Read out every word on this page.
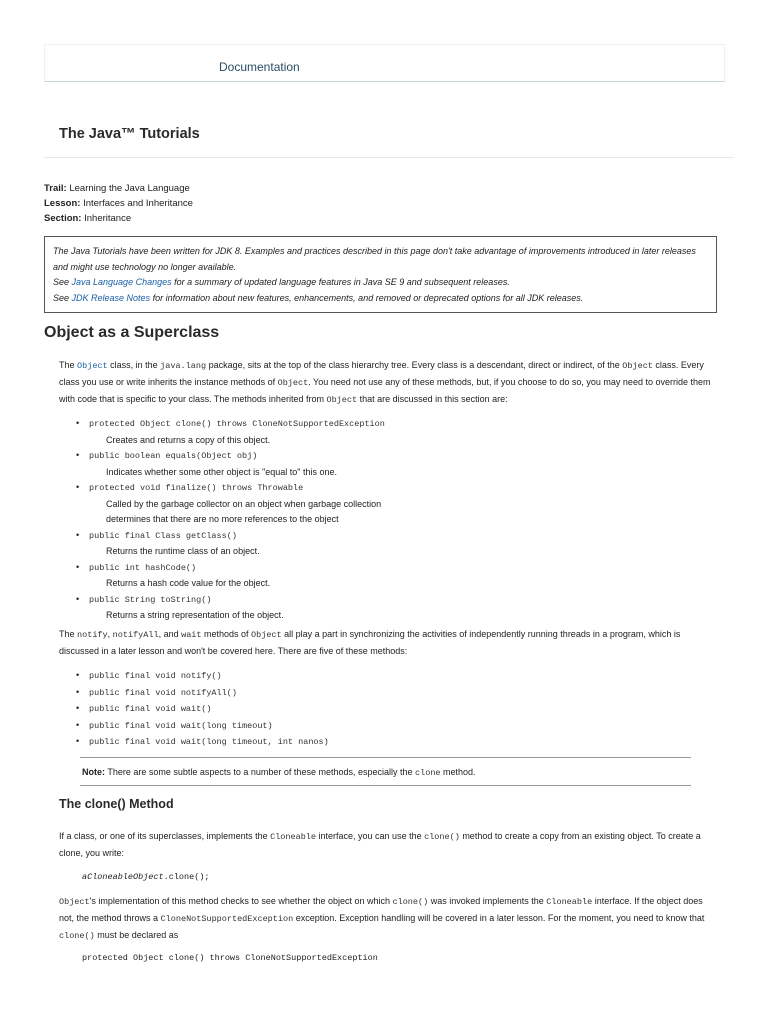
Documentation
The Java™ Tutorials
Trail: Learning the Java Language
Lesson: Interfaces and Inheritance
Section: Inheritance
The Java Tutorials have been written for JDK 8. Examples and practices described in this page don't take advantage of improvements introduced in later releases and might use technology no longer available.
See Java Language Changes for a summary of updated language features in Java SE 9 and subsequent releases.
See JDK Release Notes for information about new features, enhancements, and removed or deprecated options for all JDK releases.
Object as a Superclass
The Object class, in the java.lang package, sits at the top of the class hierarchy tree. Every class is a descendant, direct or indirect, of the Object class. Every class you use or write inherits the instance methods of Object. You need not use any of these methods, but, if you choose to do so, you may need to override them with code that is specific to your class. The methods inherited from Object that are discussed in this section are:
• protected Object clone() throws CloneNotSupportedException
Creates and returns a copy of this object.
• public boolean equals(Object obj)
Indicates whether some other object is "equal to" this one.
• protected void finalize() throws Throwable
Called by the garbage collector on an object when garbage collection determines that there are no more references to the object
• public final Class getClass()
Returns the runtime class of an object.
• public int hashCode()
Returns a hash code value for the object.
• public String toString()
Returns a string representation of the object.
The notify, notifyAll, and wait methods of Object all play a part in synchronizing the activities of independently running threads in a program, which is discussed in a later lesson and won't be covered here. There are five of these methods:
• public final void notify()
• public final void notifyAll()
• public final void wait()
• public final void wait(long timeout)
• public final void wait(long timeout, int nanos)
Note: There are some subtle aspects to a number of these methods, especially the clone method.
The clone() Method
If a class, or one of its superclasses, implements the Cloneable interface, you can use the clone() method to create a copy from an existing object. To create a clone, you write:
aCloneableObject.clone();
Object's implementation of this method checks to see whether the object on which clone() was invoked implements the Cloneable interface. If the object does not, the method throws a CloneNotSupportedException exception. Exception handling will be covered in a later lesson. For the moment, you need to know that clone() must be declared as
protected Object clone() throws CloneNotSupportedException
